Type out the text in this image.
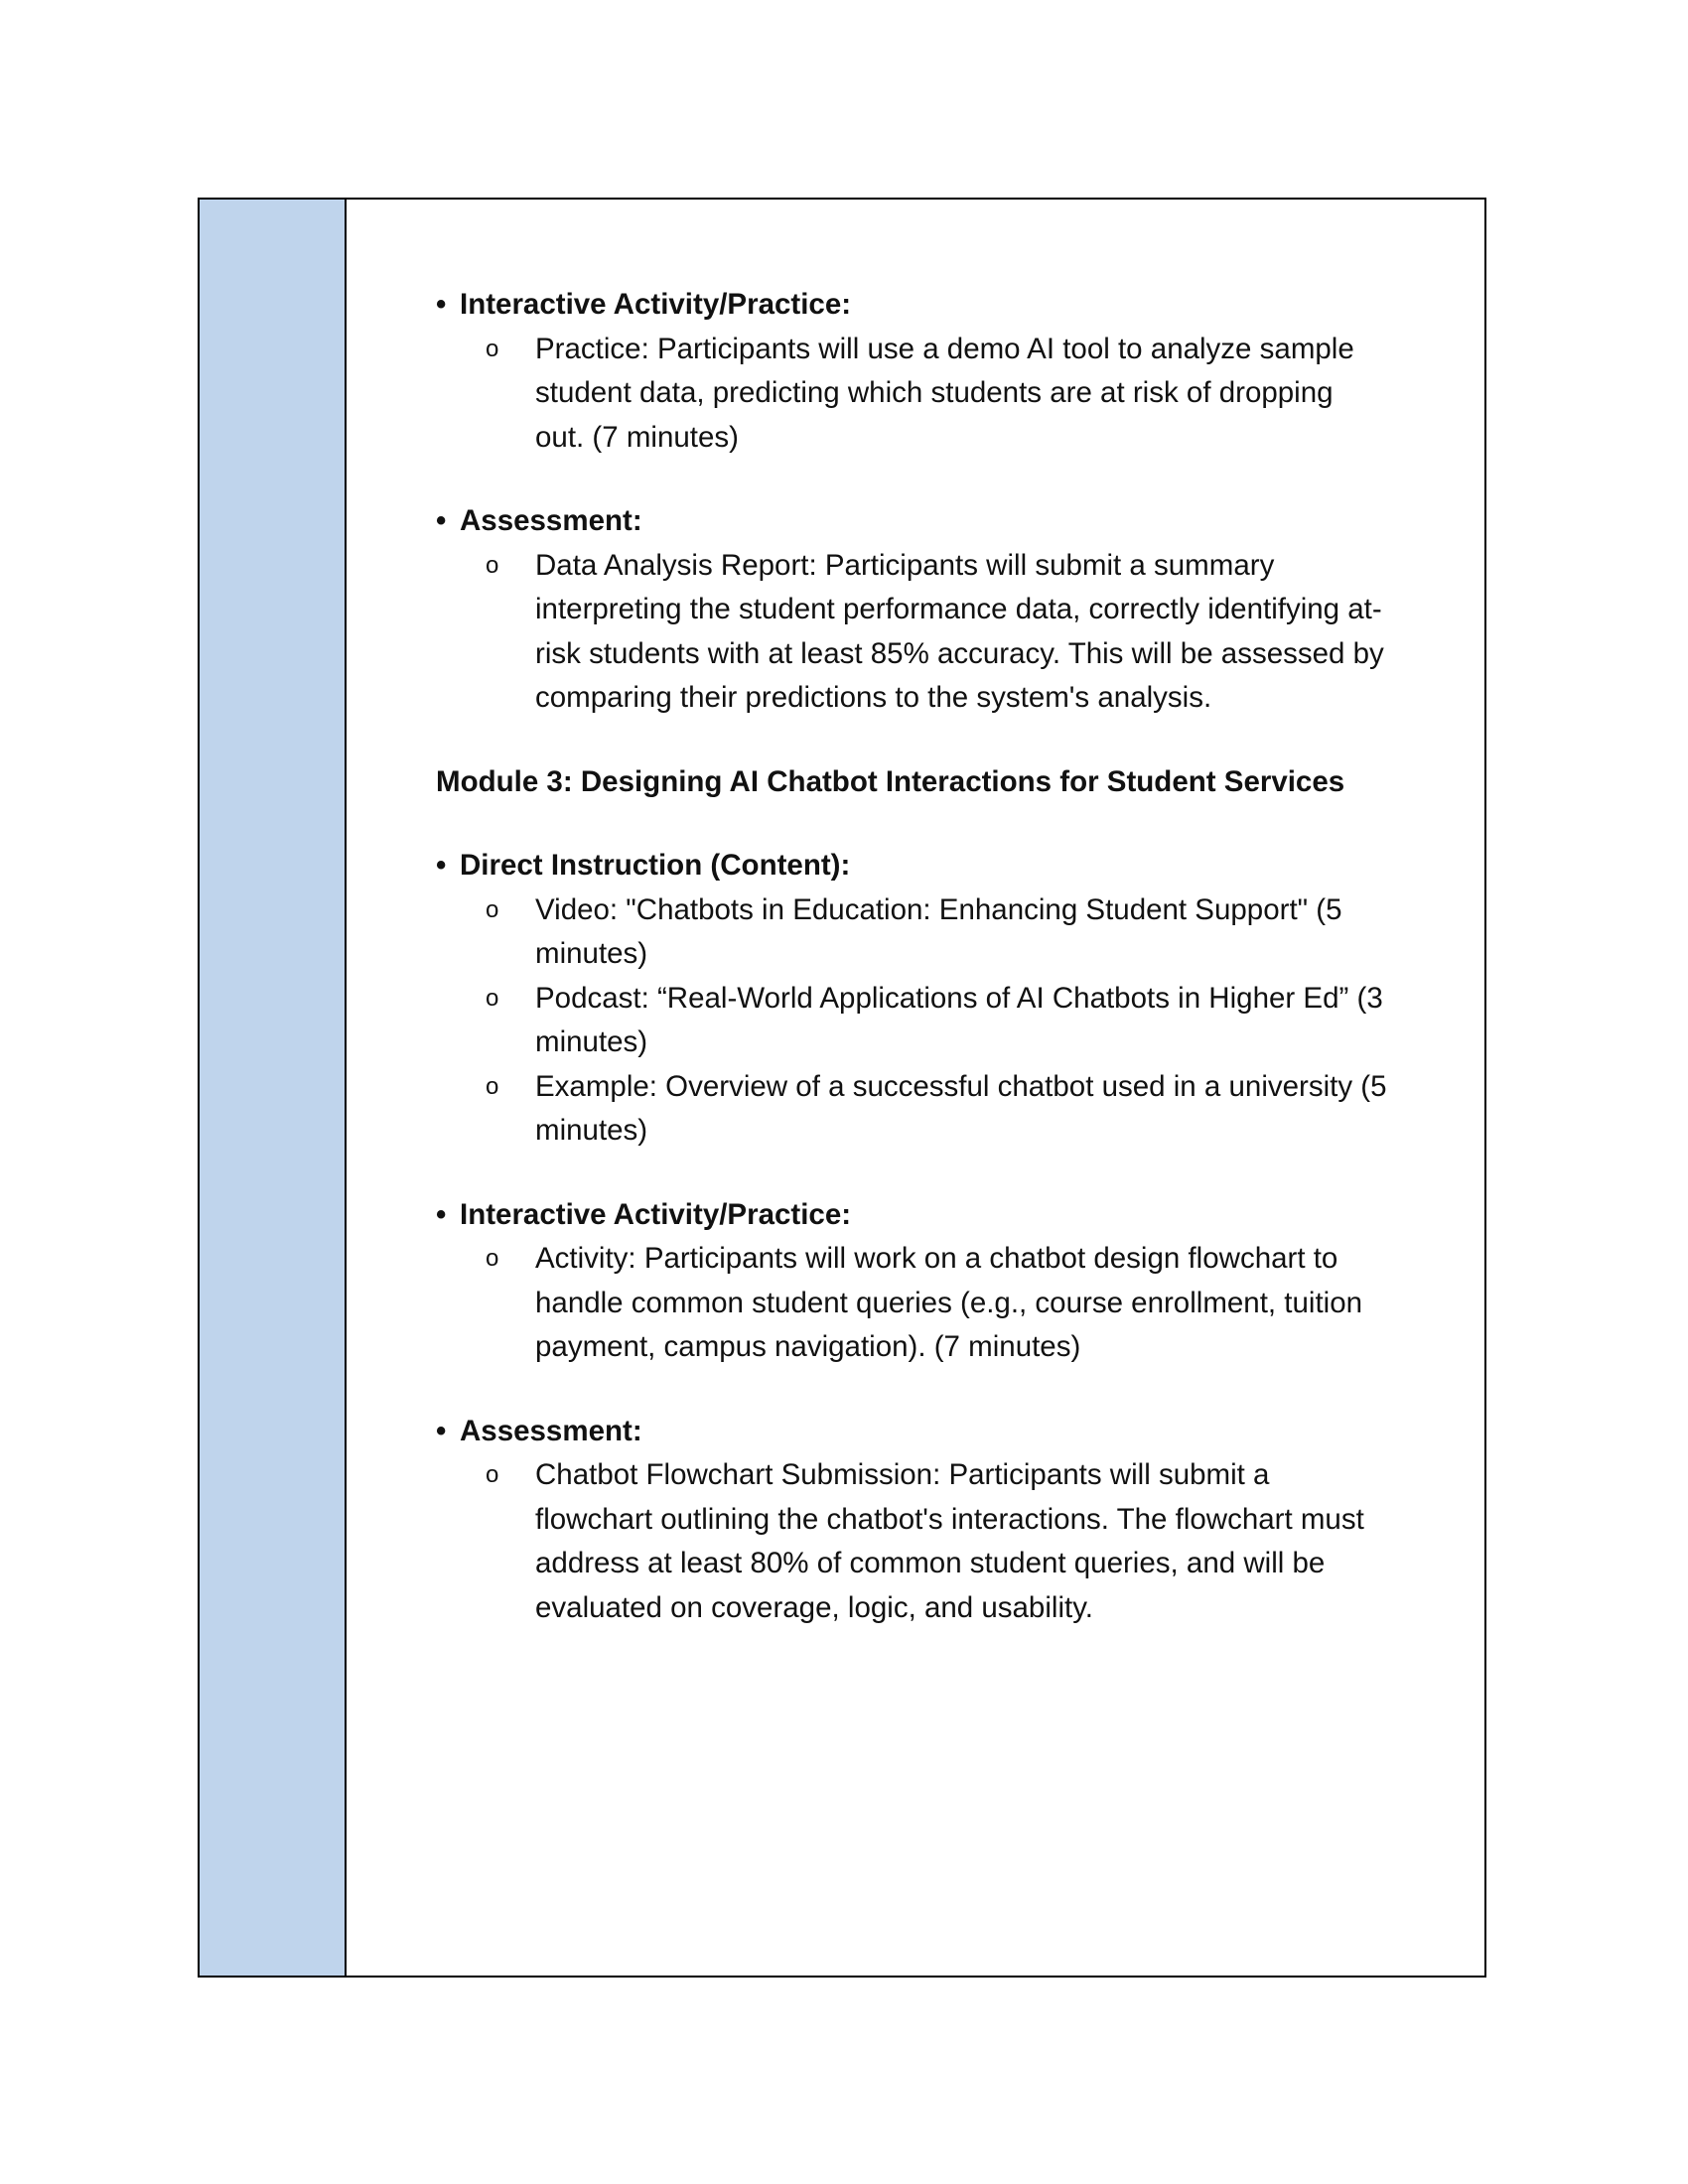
• Interactive Activity/Practice:

o	Practice: Participants will use a demo AI tool to analyze sample student data, predicting which students are at risk of dropping out. (7 minutes)

• Assessment:

o	Data Analysis Report: Participants will submit a summary interpreting the student performance data, correctly identifying at-risk students with at least 85% accuracy. This will be assessed by comparing their predictions to the system's analysis.

Module 3: Designing AI Chatbot Interactions for Student Services

• Direct Instruction (Content):

o	Video: "Chatbots in Education: Enhancing Student Support" (5 minutes)
o	Podcast: “Real-World Applications of AI Chatbots in Higher Ed” (3 minutes)
o	Example: Overview of a successful chatbot used in a university (5 minutes)

• Interactive Activity/Practice:

o	Activity: Participants will work on a chatbot design flowchart to handle common student queries (e.g., course enrollment, tuition payment, campus navigation). (7 minutes)

• Assessment:

o	Chatbot Flowchart Submission: Participants will submit a flowchart outlining the chatbot's interactions. The flowchart must address at least 80% of common student queries, and will be evaluated on coverage, logic, and usability.
